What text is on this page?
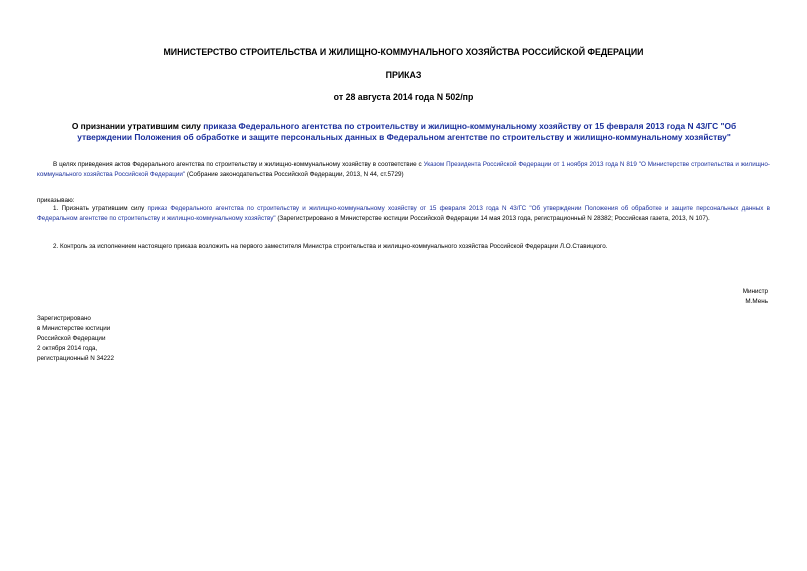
МИНИСТЕРСТВО СТРОИТЕЛЬСТВА И ЖИЛИЩНО-КОММУНАЛЬНОГО ХОЗЯЙСТВА РОССИЙСКОЙ ФЕДЕРАЦИИ
ПРИКАЗ
от 28 августа 2014 года N 502/пр
О признании утратившим силу приказа Федерального агентства по строительству и жилищно-коммунальному хозяйству от 15 февраля 2013 года N 43/ГС "Об утверждении Положения об обработке и защите персональных данных в Федеральном агентстве по строительству и жилищно-коммунальному хозяйству"
В целях приведения актов Федерального агентства по строительству и жилищно-коммунальному хозяйству в соответствие с Указом Президента Российской Федерации от 1 ноября 2013 года N 819 "О Министерстве строительства и жилищно-коммунального хозяйства Российской Федерации" (Собрание законодательства Российской Федерации, 2013, N 44, ст.5729)
приказываю:
1. Признать утратившим силу приказ Федерального агентства по строительству и жилищно-коммунальному хозяйству от 15 февраля 2013 года N 43/ГС "Об утверждении Положения об обработке и защите персональных данных в Федеральном агентстве по строительству и жилищно-коммунальному хозяйству" (Зарегистрировано в Министерстве юстиции Российской Федерации 14 мая 2013 года, регистрационный N 28382; Российская газета, 2013, N 107).
2. Контроль за исполнением настоящего приказа возложить на первого заместителя Министра строительства и жилищно-коммунального хозяйства Российской Федерации Л.О.Ставицкого.
Министр
М.Мень
Зарегистрировано
в Министерстве юстиции
Российской Федерации
2 октября 2014 года,
регистрационный N 34222
